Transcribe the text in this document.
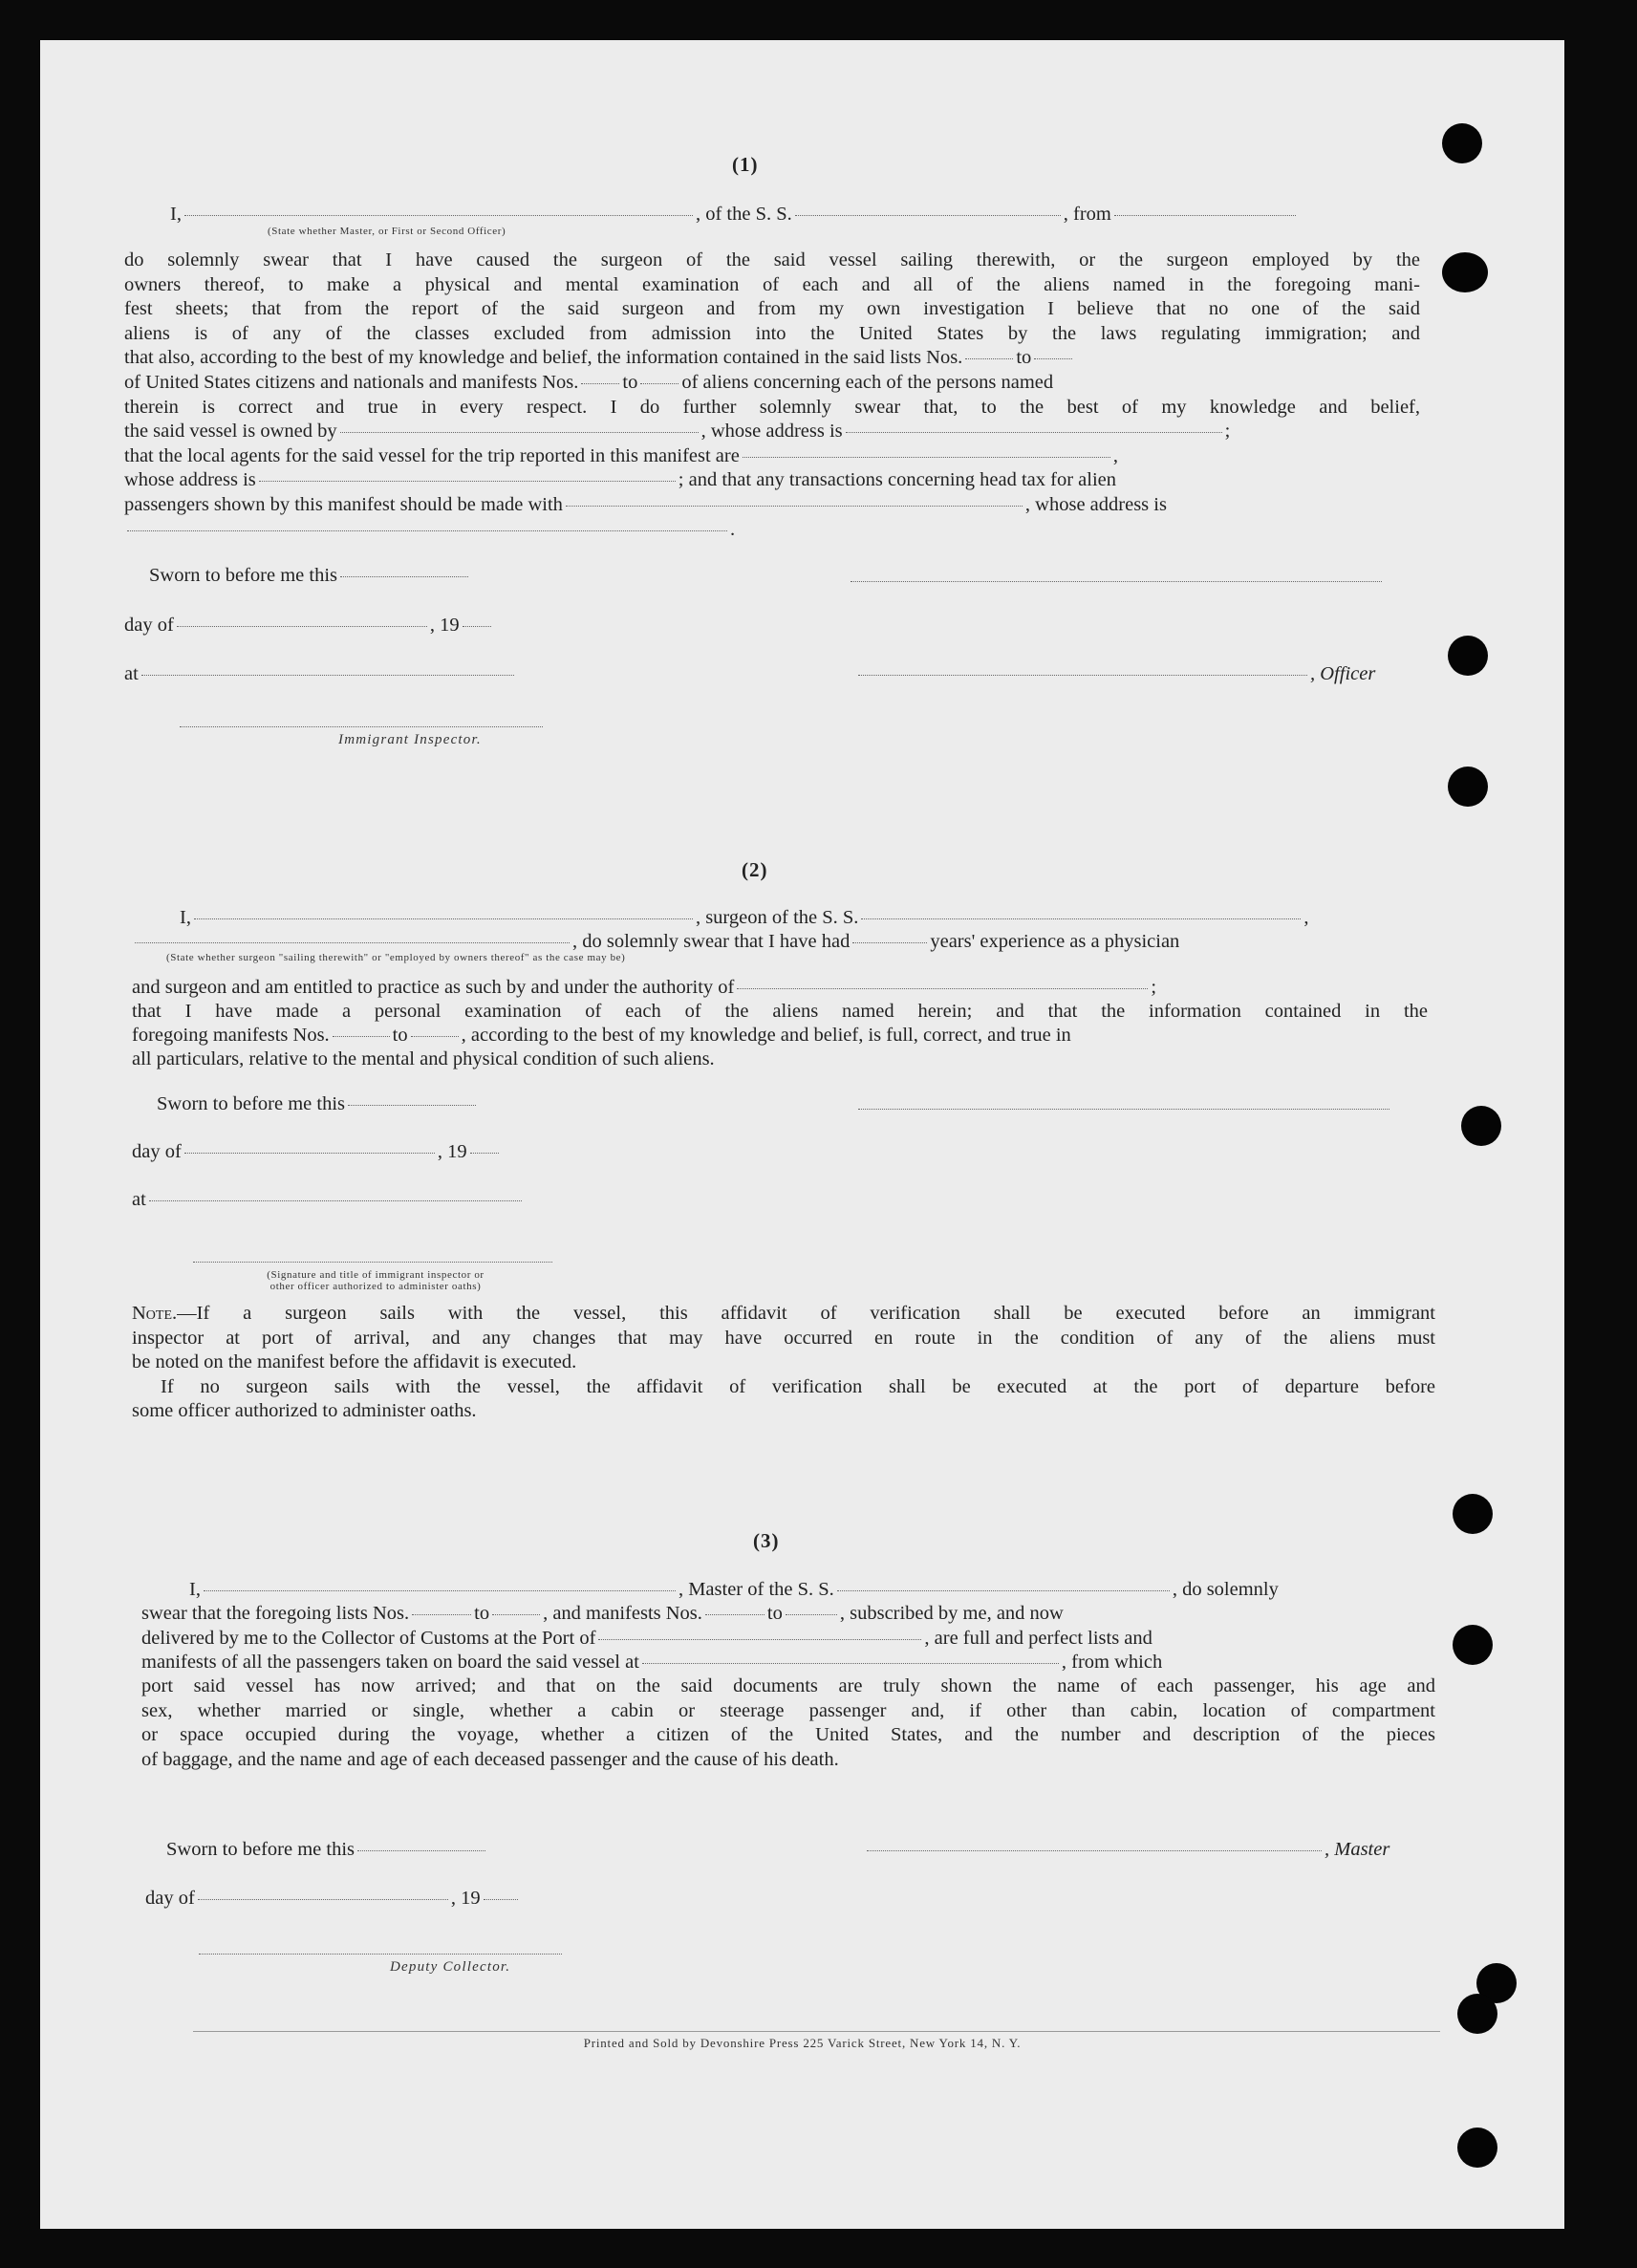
(1)
I,	, of the S. S.	, from
(State whether Master, or First or Second Officer)
do solemnly swear that I have caused the surgeon of the said vessel sailing therewith, or the surgeon employed by the
owners thereof, to make a physical and mental examination of each and all of the aliens named in the foregoing mani-
fest sheets; that from the report of the said surgeon and from my own investigation I believe that no one of the said
aliens is of any of the classes excluded from admission into the United States by the laws regulating immigration; and
that also, according to the best of my knowledge and belief, the information contained in the said lists Nos.	to
of United States citizens and nationals and manifests Nos. to of aliens concerning each of the persons named
therein is correct and true in every respect. I do further solemnly swear that, to the best of my knowledge and belief,
the said vessel is owned by	, whose address is	;
that the local agents for the said vessel for the trip reported in this manifest are	,
whose address is	; and that any transactions concerning head tax for alien
passengers shown by this manifest should be made with	, whose address is
.
Sworn to before me this
day of	, 19
at	, Officer
Immigrant Inspector.
(2)
I,	, surgeon of the S. S.	,
, do solemnly swear that I have had	years' experience as a physician
(State whether surgeon "sailing therewith" or "employed by owners thereof" as the case may be)
and surgeon and am entitled to practice as such by and under the authority of	;
that I have made a personal examination of each of the aliens named herein; and that the information contained in the
foregoing manifests Nos.	to	, according to the best of my knowledge and belief, is full, correct, and true in
all particulars, relative to the mental and physical condition of such aliens.
Sworn to before me this
day of	, 19
at
(Signature and title of immigrant inspector or
other officer authorized to administer oaths)
Note.—If a surgeon sails with the vessel, this affidavit of verification shall be executed before an immigrant
inspector at port of arrival, and any changes that may have occurred en route in the condition of any of the aliens must
be noted on the manifest before the affidavit is executed.
If no surgeon sails with the vessel, the affidavit of verification shall be executed at the port of departure before
some officer authorized to administer oaths.
(3)
I,	, Master of the S. S.	, do solemnly
swear that the foregoing lists Nos.	to	, and manifests Nos.	to	, subscribed by me, and now
delivered by me to the Collector of Customs at the Port of	, are full and perfect lists and
manifests of all the passengers taken on board the said vessel at	, from which
port said vessel has now arrived; and that on the said documents are truly shown the name of each passenger, his age and
sex, whether married or single, whether a cabin or steerage passenger and, if other than cabin, location of compartment
or space occupied during the voyage, whether a citizen of the United States, and the number and description of the pieces
of baggage, and the name and age of each deceased passenger and the cause of his death.
Sworn to before me this	, Master
day of	, 19
Deputy Collector.
Printed and Sold by Devonshire Press 225 Varick Street, New York 14, N. Y.
